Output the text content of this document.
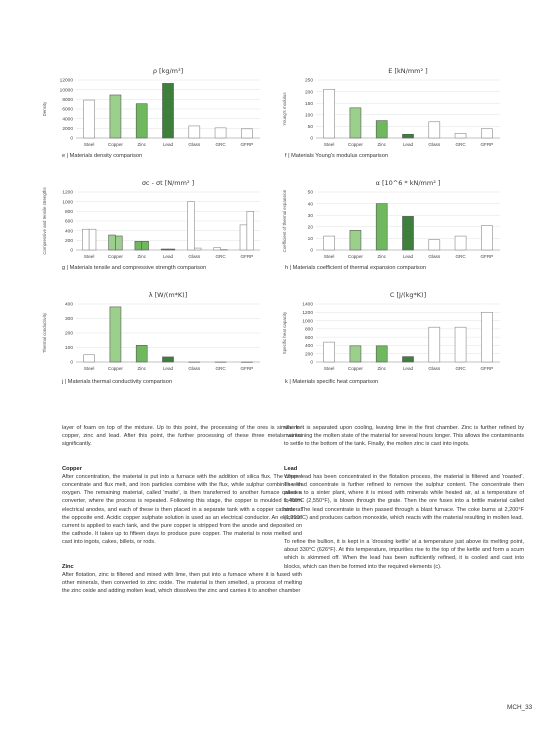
ρ [kg/m³]
Density
0
2000
4000
6000
8000
10000
12000
Steel	Copper	Zinc	Lead	Glass	GRC	GFRP
E [kN/mm² ]
Young's modulus
0
50
100
150
200
250
Steel	Copper	Zinc	Lead	Glass	GRC	GFRP
σc - σt [N/mm² ]
Compressive and tensile strengths	0
200
400
600
800
1000
1200
Steel	Copper	Zinc	Lead	Glass	GRC	GFRP
α [10^6 * kN/mm² ]
Coefficient of thermal expansion	0
10
20
30
40
50
Steel	Copper	Zinc	Lead	Glass	GRC	GFRP
λ [W/(m*K)]
Thermal conductivity
0
100
200
300
400
Steel	Copper	Zinc	Lead	Glass	GRC	GFRP
C [J/(kg*K)]
Specific heat capacity
0
200
400
600
800
1000
1200
1400
Steel	Copper	Zinc	Lead	Glass	GRC	GFRP
e | Materials density comparison	f | Materials Young's modulus comparison
g | Materials tensile and compressive strength comparison	h | Materials coefficient of thermal expansion comparison
j | Materials thermal conductivity comparison	k | Materials specific heat comparison

layer of foam on top of the mixture. Up to this point, the processing of the ores is similar for copper, zinc and lead. After this point, the further processing of these three metals varies significantly.

Copper

After concentration, the material is put into a furnace with the addition of silica flux. The copper concentrate and flux melt, and iron particles combine with the flux, while sulphur combines with oxygen. The remaining material, called 'matte', is then transferred to another furnace called a converter, where the process is repeated. Following this stage, the copper is moulded to form electrical anodes, and each of these is then placed in a separate tank with a copper cathode at the opposite end. Acidic copper sulphate solution is used as an electrical conductor. An electrical current is applied to each tank, and the pure copper is stripped from the anode and deposited on the cathode. It takes up to fifteen days to produce pure copper. The material is now melted and cast into ingots, cakes, billets, or rods.

Zinc

After flotation, zinc is filtered and mixed with lime, then put into a furnace where it is fused with other minerals, then converted to zinc oxide. The material is then smelted, a process of melting the zinc oxide and adding molten lead, which dissolves the zinc and carries it to another chamber

where it is separated upon cooling, leaving lime in the first chamber. Zinc is further refined by maintaining the molten state of the material for several hours longer. This allows the contaminants to settle to the bottom of the tank. Finally, the molten zinc is cast into ingots.

Lead

When lead has been concentrated in the flotation process, the material is filtered and 'roasted'. The lead concentrate is further refined to remove the sulphur content. The concentrate then passes to a sinter plant, where it is mixed with minerals while heated air, at a temperature of 1,400°C (2,550°F), is blown through the grate. Then the ore fuses into a brittle material called sinter. The lead concentrate is then passed through a blast furnace. The coke burns at 2,200°F (1,200°C) and produces carbon monoxide, which reacts with the material resulting in molten lead.

To refine the bullion, it is kept in a 'drossing kettle' at a temperature just above its melting point, about 330°C (626°F). At this temperature, impurities rise to the top of the kettle and form a scum which is skimmed off. When the lead has been sufficiently refined, it is cooled and cast into blocks, which can then be formed into the required elements (c).

MCH_33
